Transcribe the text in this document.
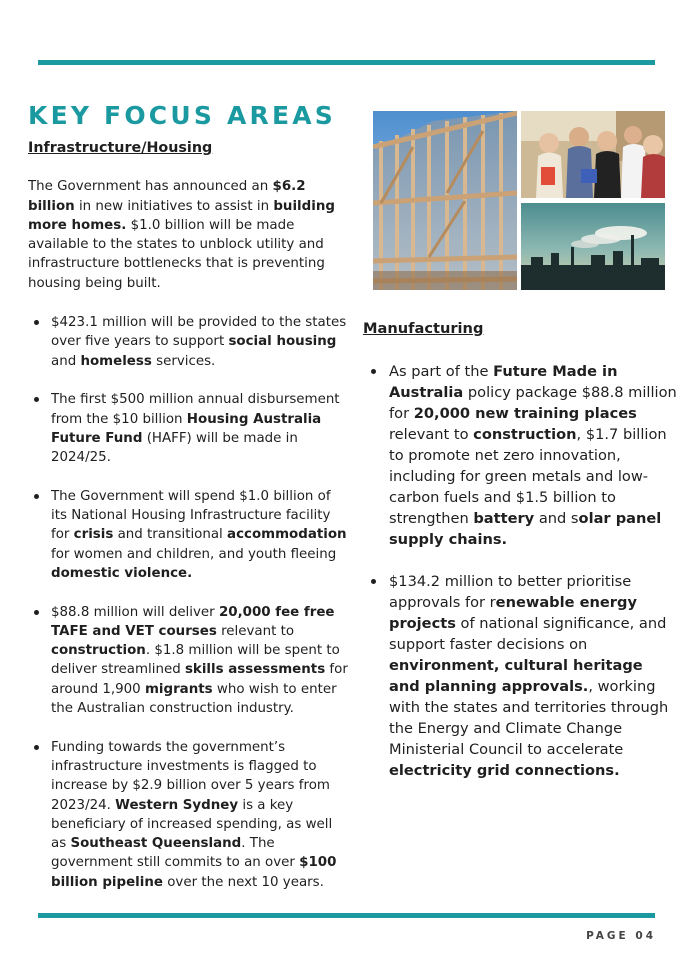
KEY FOCUS AREAS

Infrastructure/Housing

The Government has announced an $6.2 billion in new initiatives to assist in building more homes. $1.0 billion will be made available to the states to unblock utility and infrastructure bottlenecks that is preventing housing being built.

$423.1 million will be provided to the states over five years to support social housing and homeless services.
The first $500 million annual disbursement from the $10 billion Housing Australia Future Fund (HAFF) will be made in 2024/25.
The Government will spend $1.0 billion of its National Housing Infrastructure facility for crisis and transitional accommodation for women and children, and youth fleeing domestic violence.
$88.8 million will deliver 20,000 fee free TAFE and VET courses relevant to construction. $1.8 million will be spent to deliver streamlined skills assessments for around 1,900 migrants who wish to enter the Australian construction industry.
Funding towards the government’s infrastructure investments is flagged to increase by $2.9 billion over 5 years from 2023/24. Western Sydney is a key beneficiary of increased spending, as well as Southeast Queensland. The government still commits to an over $100 billion pipeline over the next 10 years.

Manufacturing

As part of the Future Made in Australia policy package $88.8 million for 20,000 new training places relevant to construction, $1.7 billion to promote net zero innovation, including for green metals and low-carbon fuels and $1.5 billion to strengthen battery and solar panel supply chains.
$134.2 million to better prioritise approvals for renewable energy projects of national significance, and support faster decisions on environment, cultural heritage and planning approvals., working with the states and territories through the Energy and Climate Change Ministerial Council to accelerate electricity grid connections.
PAGE 04
